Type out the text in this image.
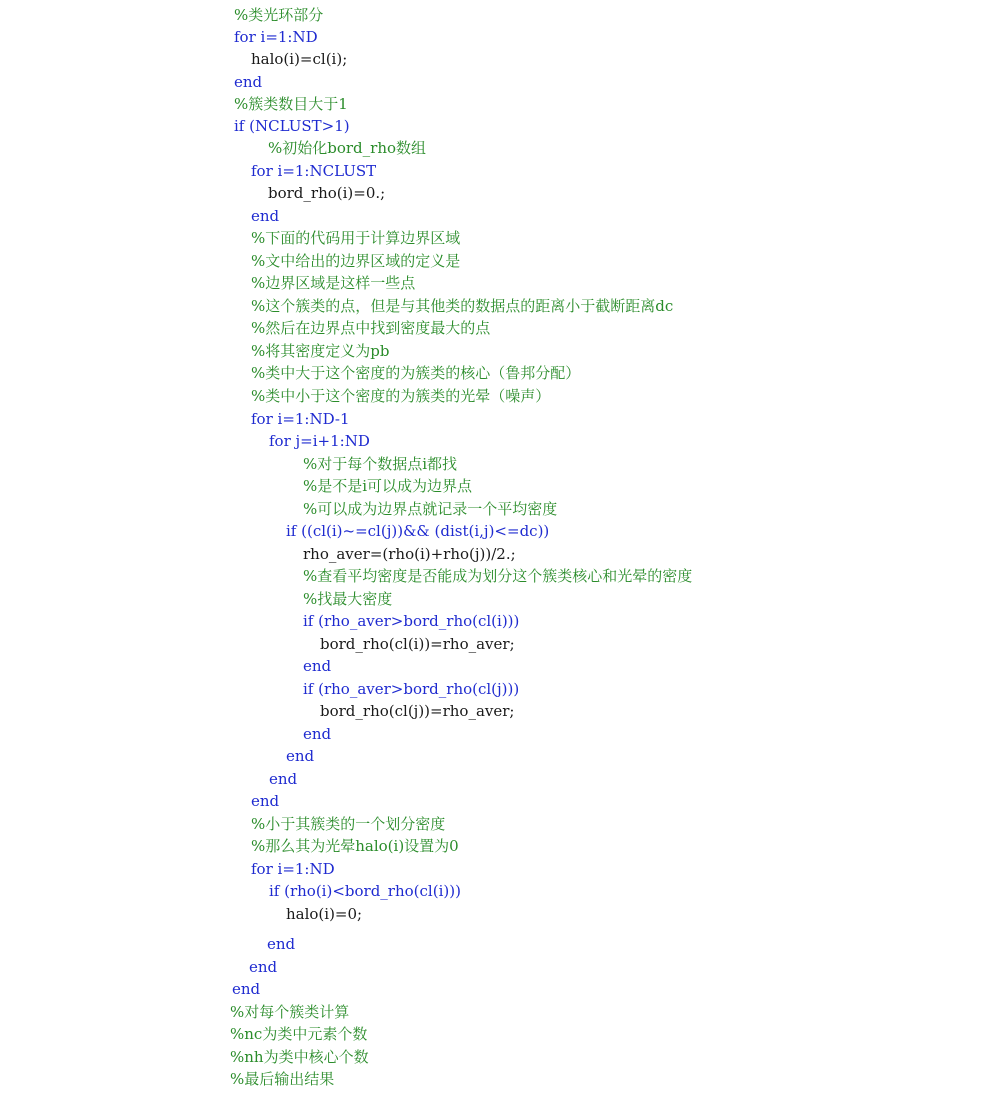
%类光环部分
for i=1:ND
halo(i)=cl(i);
end
%簇类数目大于1
if (NCLUST>1)
%初始化bord_rho数组
for i=1:NCLUST
bord_rho(i)=0.;
end
%下面的代码用于计算边界区域
%文中给出的边界区域的定义是
%边界区域是这样一些点
%这个簇类的点，但是与其他类的数据点的距离小于截断距离dc
%然后在边界点中找到密度最大的点
%将其密度定义为pb
%类中大于这个密度的为簇类的核心（鲁邦分配）
%类中小于这个密度的为簇类的光晕（噪声）
for i=1:ND-1
for j=i+1:ND
%对于每个数据点i都找
%是不是i可以成为边界点
%可以成为边界点就记录一个平均密度
if ((cl(i)~=cl(j))&& (dist(i,j)<=dc))
rho_aver=(rho(i)+rho(j))/2.;
%查看平均密度是否能成为划分这个簇类核心和光晕的密度
%找最大密度
if (rho_aver>bord_rho(cl(i)))
bord_rho(cl(i))=rho_aver;
end
if (rho_aver>bord_rho(cl(j)))
bord_rho(cl(j))=rho_aver;
end
end
end
end
%小于其簇类的一个划分密度
%那么其为光晕halo(i)设置为0
for i=1:ND
if (rho(i)<bord_rho(cl(i)))
halo(i)=0;
end
end
end
%对每个簇类计算
%nc为类中元素个数
%nh为类中核心个数
%最后输出结果
